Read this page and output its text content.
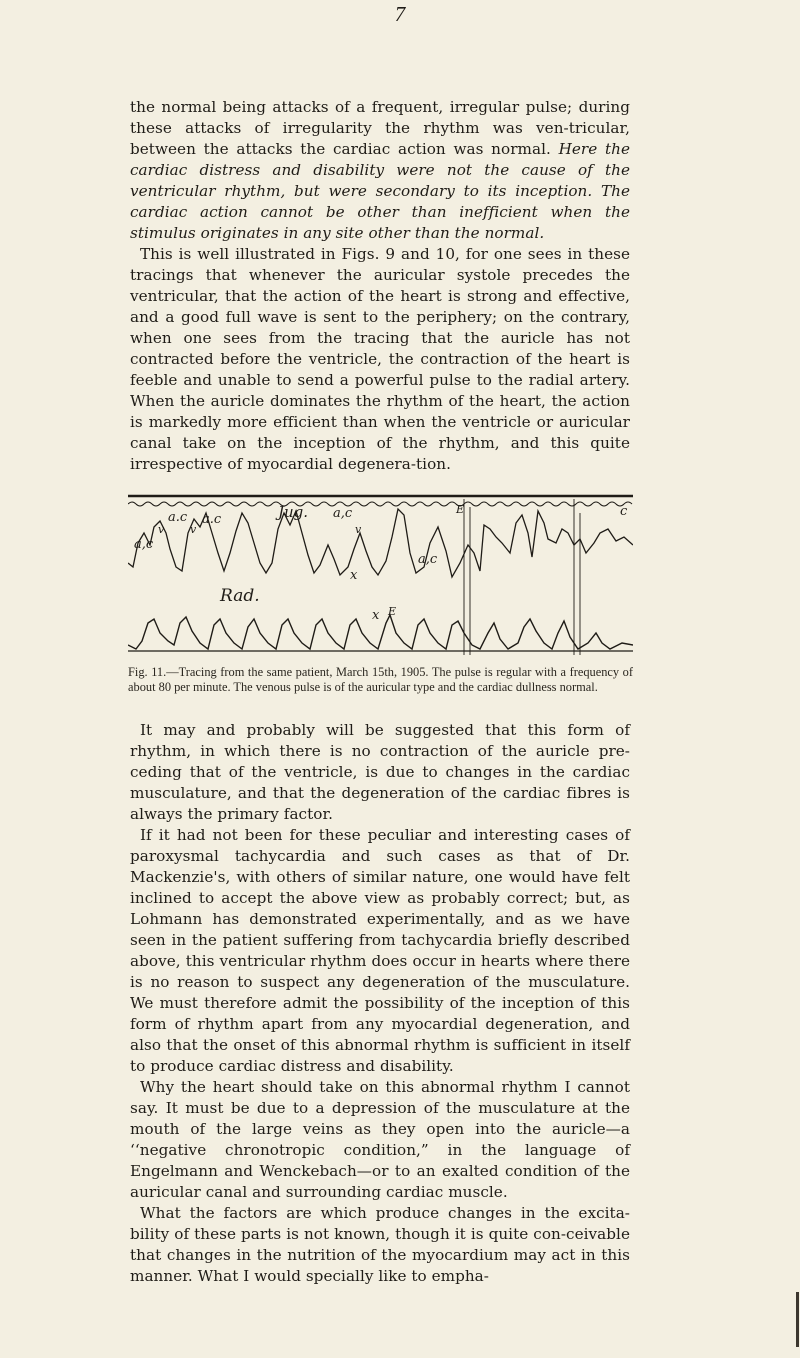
7

the normal being attacks of a frequent, irregular pulse; during these attacks of irregularity the rhythm was ven-tricular, between the attacks the cardiac action was normal. Here the cardiac distress and disability were not the cause of the ventricular rhythm, but were secondary to its inception. The cardiac action cannot be other than inefficient when the stimulus originates in any site other than the normal.

This is well illustrated in Figs. 9 and 10, for one sees in these tracings that whenever the auricular systole precedes the ventricular, that the action of the heart is strong and effective, and a good full wave is sent to the periphery; on the contrary, when one sees from the tracing that the auricle has not contracted before the ventricle, the contraction of the heart is feeble and unable to send a powerful pulse to the radial artery. When the auricle dominates the rhythm of the heart, the action is markedly more efficient than when the ventricle or auricular canal take on the inception of the rhythm, and this quite irrespective of myocardial degenera-tion.

a.c
a,c
a.c	Jug. a,c
v
v v
x
x
a,c
E
E	c
Rad.
Fig. 11.—Tracing from the same patient, March 15th, 1905. The pulse is regular with a frequency of about 80 per minute. The venous pulse is of the auricular type and the cardiac dullness normal.

It may and probably will be suggested that this form of rhythm, in which there is no contraction of the auricle pre-ceding that of the ventricle, is due to changes in the cardiac musculature, and that the degeneration of the cardiac fibres is always the primary factor.

If it had not been for these peculiar and interesting cases of paroxysmal tachycardia and such cases as that of Dr. Mackenzie's, with others of similar nature, one would have felt inclined to accept the above view as probably correct; but, as Lohmann has demonstrated experimentally, and as we have seen in the patient suffering from tachycardia briefly described above, this ventricular rhythm does occur in hearts where there is no reason to suspect any degeneration of the musculature. We must therefore admit the possibility of the inception of this form of rhythm apart from any myocardial degeneration, and also that the onset of this abnormal rhythm is sufficient in itself to produce cardiac distress and disability.

Why the heart should take on this abnormal rhythm I cannot say. It must be due to a depression of the musculature at the mouth of the large veins as they open into the auricle—a ‘‘negative chronotropic condition,” in the language of Engelmann and Wenckebach—or to an exalted condition of the auricular canal and surrounding cardiac muscle.

What the factors are which produce changes in the excita-bility of these parts is not known, though it is quite con-ceivable that changes in the nutrition of the myocardium may act in this manner. What I would specially like to empha-
